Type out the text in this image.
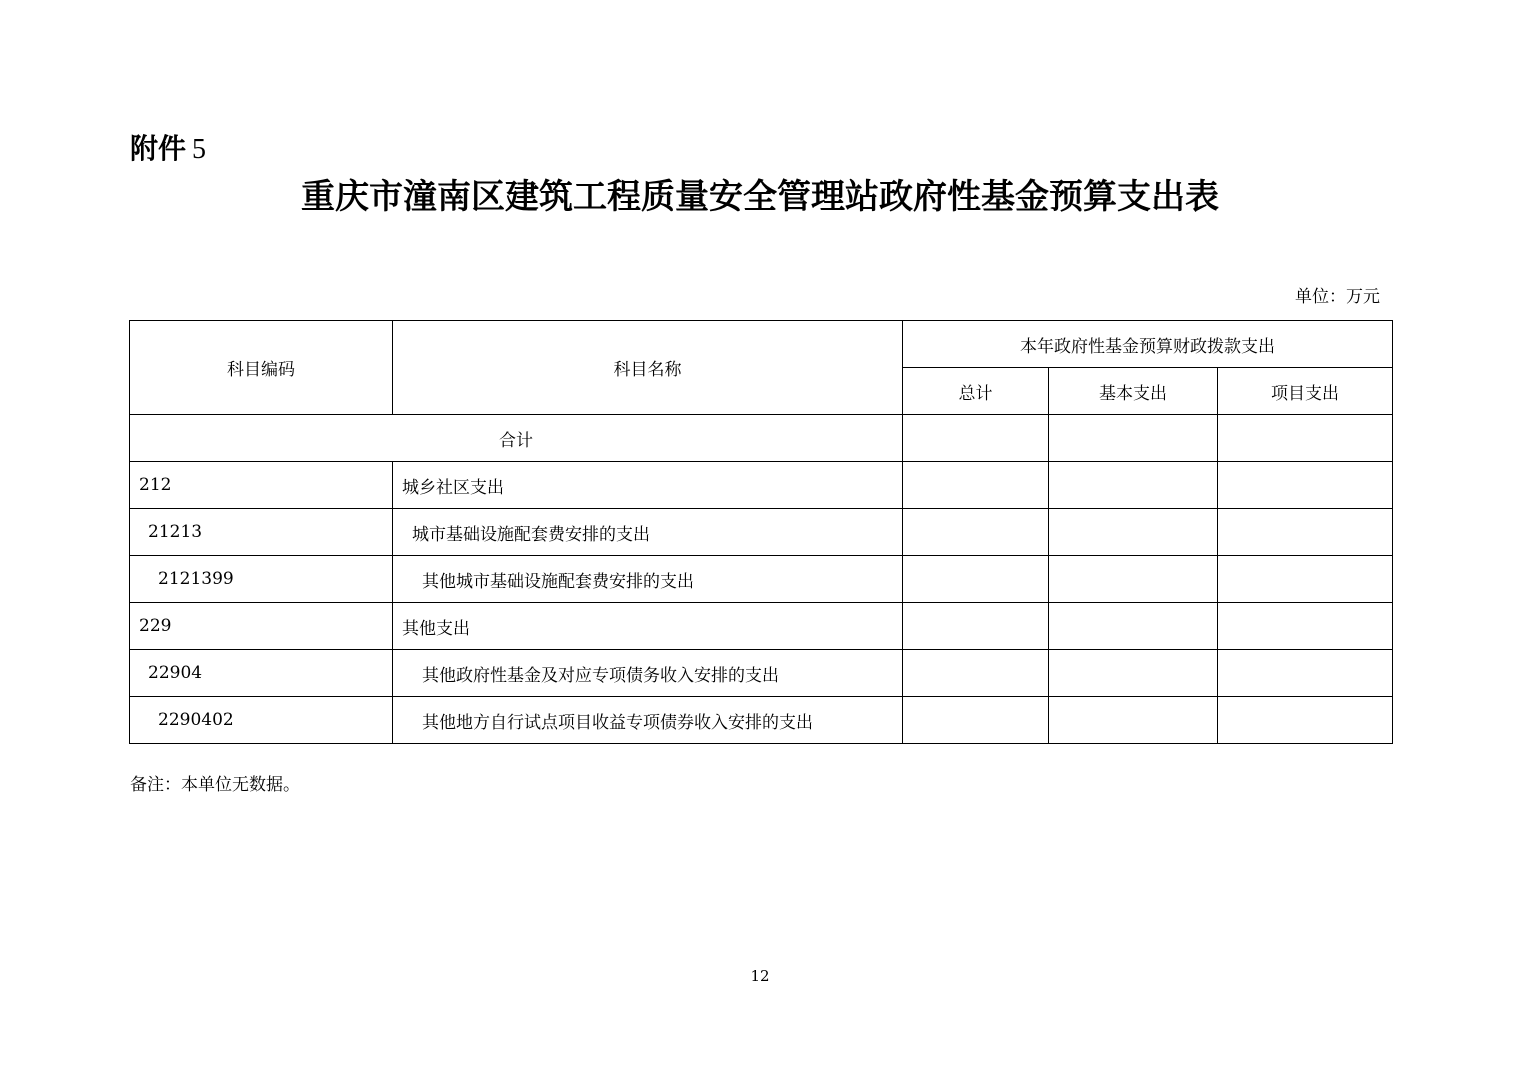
附件 5
重庆市潼南区建筑工程质量安全管理站政府性基金预算支出表
单位：万元
科目编码	科目名称	本年政府性基金预算财政拨款支出		
		总计	基本支出	项目支出
合计				
212	城乡社区支出			
21213	城市基础设施配套费安排的支出			
2121399	其他城市基础设施配套费安排的支出			
229	其他支出			
22904	其他政府性基金及对应专项债务收入安排的支出			
2290402	其他地方自行试点项目收益专项债券收入安排的支出			
备注：本单位无数据。
12
